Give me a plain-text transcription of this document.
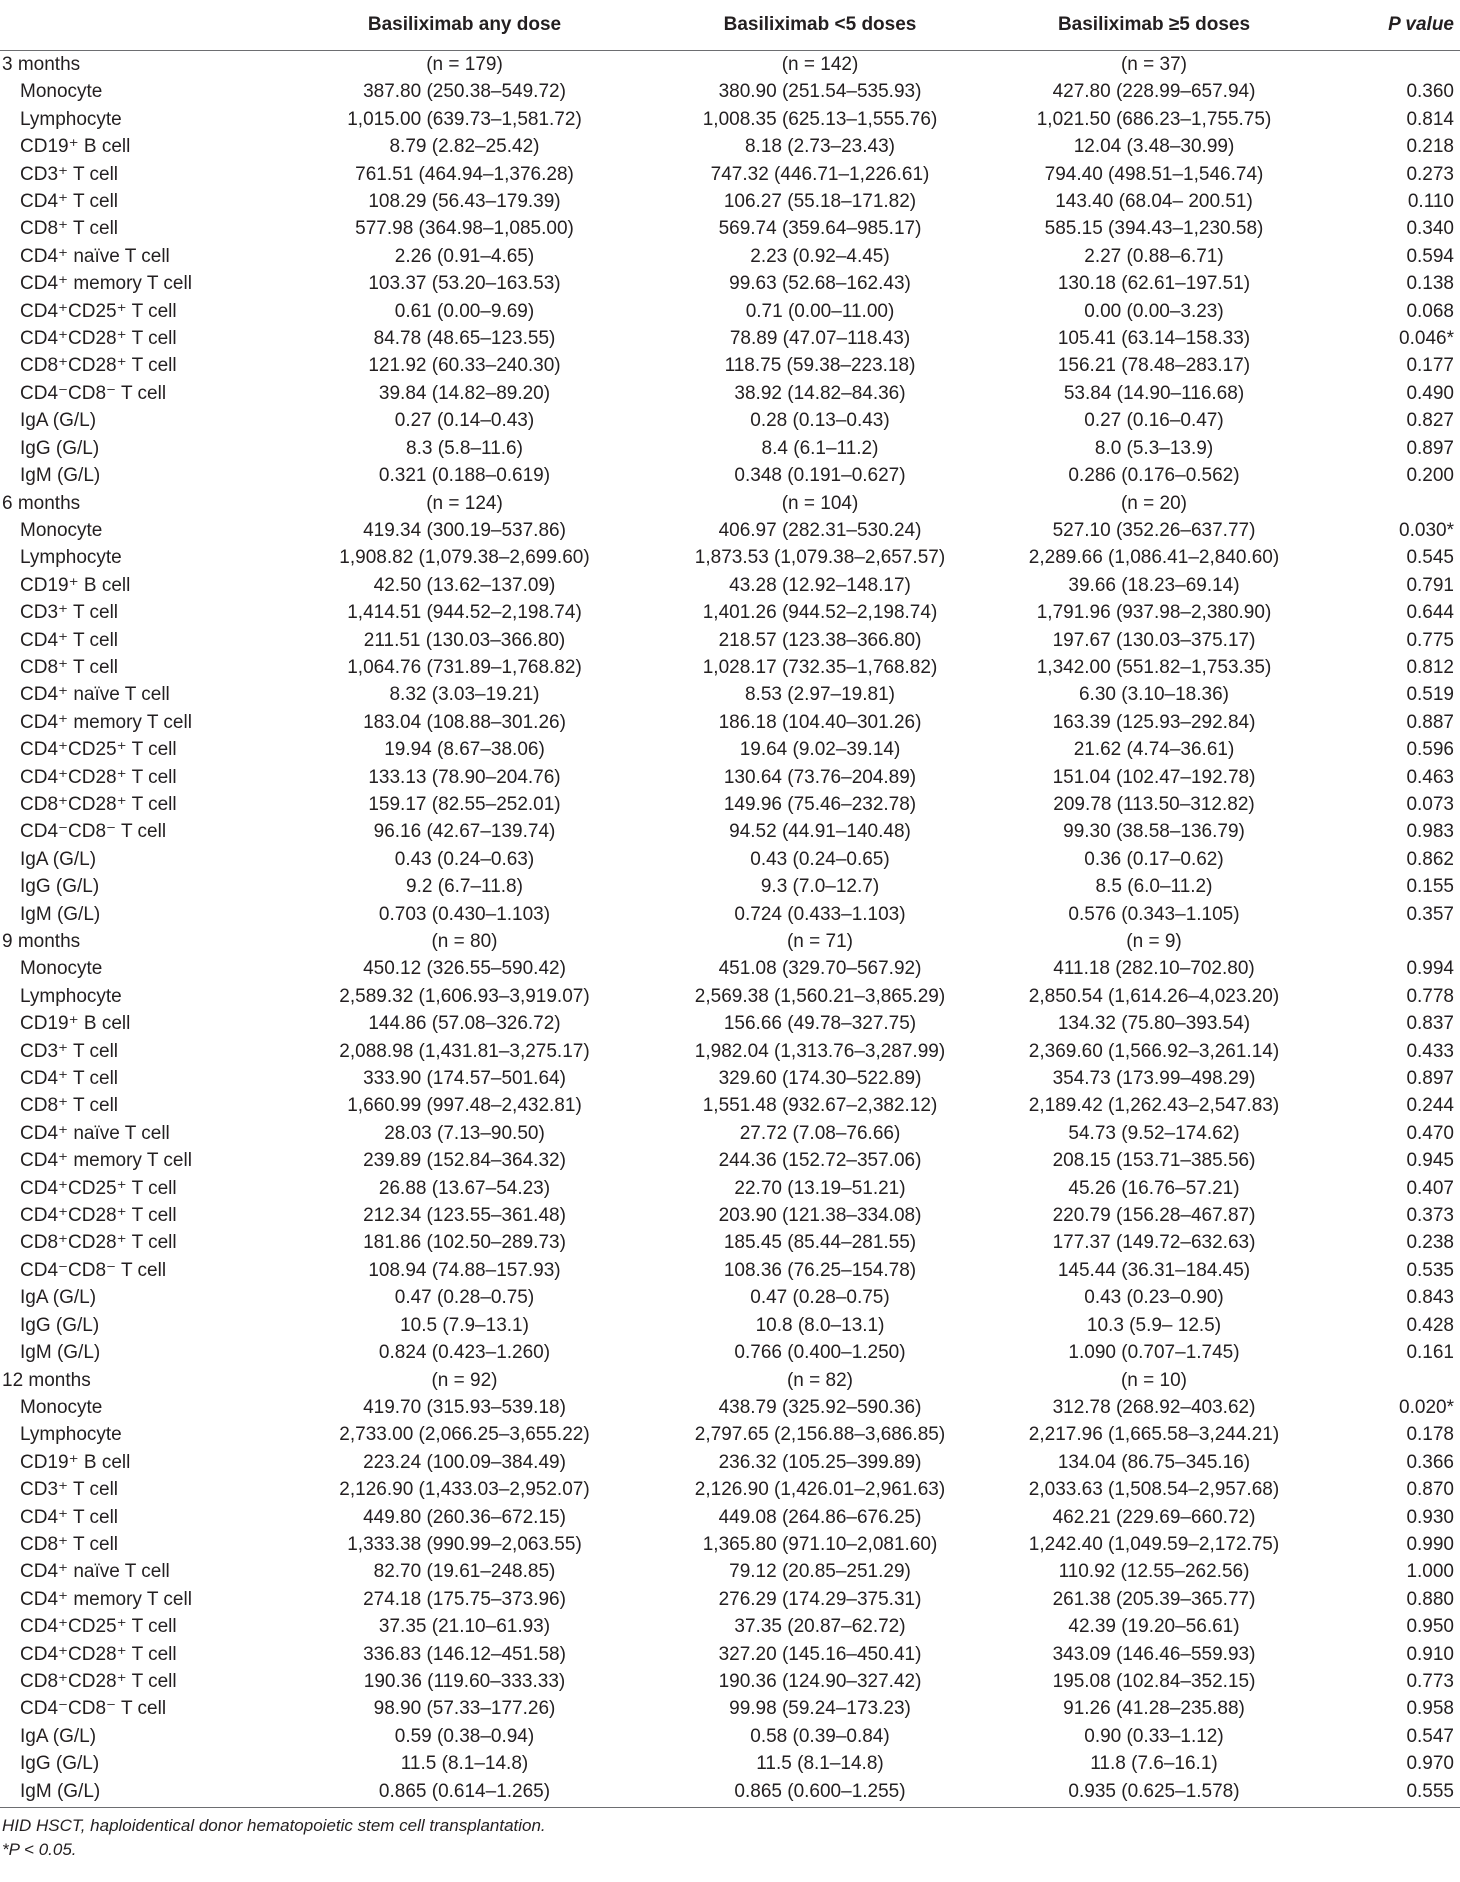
	Basiliximab any dose	Basiliximab <5 doses	Basiliximab ≥5 doses	P value
3 months	(n = 179)	(n = 142)	(n = 37)	
Monocyte	387.80 (250.38–549.72)	380.90 (251.54–535.93)	427.80 (228.99–657.94)	0.360
Lymphocyte	1,015.00 (639.73–1,581.72)	1,008.35 (625.13–1,555.76)	1,021.50 (686.23–1,755.75)	0.814
CD19⁺ B cell	8.79 (2.82–25.42)	8.18 (2.73–23.43)	12.04 (3.48–30.99)	0.218
CD3⁺ T cell	761.51 (464.94–1,376.28)	747.32 (446.71–1,226.61)	794.40 (498.51–1,546.74)	0.273
CD4⁺ T cell	108.29 (56.43–179.39)	106.27 (55.18–171.82)	143.40 (68.04– 200.51)	0.110
CD8⁺ T cell	577.98 (364.98–1,085.00)	569.74 (359.64–985.17)	585.15 (394.43–1,230.58)	0.340
CD4⁺ naïve T cell	2.26 (0.91–4.65)	2.23 (0.92–4.45)	2.27 (0.88–6.71)	0.594
CD4⁺ memory T cell	103.37 (53.20–163.53)	99.63 (52.68–162.43)	130.18 (62.61–197.51)	0.138
CD4⁺CD25⁺ T cell	0.61 (0.00–9.69)	0.71 (0.00–11.00)	0.00 (0.00–3.23)	0.068
CD4⁺CD28⁺ T cell	84.78 (48.65–123.55)	78.89 (47.07–118.43)	105.41 (63.14–158.33)	0.046*
CD8⁺CD28⁺ T cell	121.92 (60.33–240.30)	118.75 (59.38–223.18)	156.21 (78.48–283.17)	0.177
CD4⁻CD8⁻ T cell	39.84 (14.82–89.20)	38.92 (14.82–84.36)	53.84 (14.90–116.68)	0.490
IgA (G/L)	0.27 (0.14–0.43)	0.28 (0.13–0.43)	0.27 (0.16–0.47)	0.827
IgG (G/L)	8.3 (5.8–11.6)	8.4 (6.1–11.2)	8.0 (5.3–13.9)	0.897
IgM (G/L)	0.321 (0.188–0.619)	0.348 (0.191–0.627)	0.286 (0.176–0.562)	0.200
6 months	(n = 124)	(n = 104)	(n = 20)	
Monocyte	419.34 (300.19–537.86)	406.97 (282.31–530.24)	527.10 (352.26–637.77)	0.030*
Lymphocyte	1,908.82 (1,079.38–2,699.60)	1,873.53 (1,079.38–2,657.57)	2,289.66 (1,086.41–2,840.60)	0.545
CD19⁺ B cell	42.50 (13.62–137.09)	43.28 (12.92–148.17)	39.66 (18.23–69.14)	0.791
CD3⁺ T cell	1,414.51 (944.52–2,198.74)	1,401.26 (944.52–2,198.74)	1,791.96 (937.98–2,380.90)	0.644
CD4⁺ T cell	211.51 (130.03–366.80)	218.57 (123.38–366.80)	197.67 (130.03–375.17)	0.775
CD8⁺ T cell	1,064.76 (731.89–1,768.82)	1,028.17 (732.35–1,768.82)	1,342.00 (551.82–1,753.35)	0.812
CD4⁺ naïve T cell	8.32 (3.03–19.21)	8.53 (2.97–19.81)	6.30 (3.10–18.36)	0.519
CD4⁺ memory T cell	183.04 (108.88–301.26)	186.18 (104.40–301.26)	163.39 (125.93–292.84)	0.887
CD4⁺CD25⁺ T cell	19.94 (8.67–38.06)	19.64 (9.02–39.14)	21.62 (4.74–36.61)	0.596
CD4⁺CD28⁺ T cell	133.13 (78.90–204.76)	130.64 (73.76–204.89)	151.04 (102.47–192.78)	0.463
CD8⁺CD28⁺ T cell	159.17 (82.55–252.01)	149.96 (75.46–232.78)	209.78 (113.50–312.82)	0.073
CD4⁻CD8⁻ T cell	96.16 (42.67–139.74)	94.52 (44.91–140.48)	99.30 (38.58–136.79)	0.983
IgA (G/L)	0.43 (0.24–0.63)	0.43 (0.24–0.65)	0.36 (0.17–0.62)	0.862
IgG (G/L)	9.2 (6.7–11.8)	9.3 (7.0–12.7)	8.5 (6.0–11.2)	0.155
IgM (G/L)	0.703 (0.430–1.103)	0.724 (0.433–1.103)	0.576 (0.343–1.105)	0.357
9 months	(n = 80)	(n = 71)	(n = 9)	
Monocyte	450.12 (326.55–590.42)	451.08 (329.70–567.92)	411.18 (282.10–702.80)	0.994
Lymphocyte	2,589.32 (1,606.93–3,919.07)	2,569.38 (1,560.21–3,865.29)	2,850.54 (1,614.26–4,023.20)	0.778
CD19⁺ B cell	144.86 (57.08–326.72)	156.66 (49.78–327.75)	134.32 (75.80–393.54)	0.837
CD3⁺ T cell	2,088.98 (1,431.81–3,275.17)	1,982.04 (1,313.76–3,287.99)	2,369.60 (1,566.92–3,261.14)	0.433
CD4⁺ T cell	333.90 (174.57–501.64)	329.60 (174.30–522.89)	354.73 (173.99–498.29)	0.897
CD8⁺ T cell	1,660.99 (997.48–2,432.81)	1,551.48 (932.67–2,382.12)	2,189.42 (1,262.43–2,547.83)	0.244
CD4⁺ naïve T cell	28.03 (7.13–90.50)	27.72 (7.08–76.66)	54.73 (9.52–174.62)	0.470
CD4⁺ memory T cell	239.89 (152.84–364.32)	244.36 (152.72–357.06)	208.15 (153.71–385.56)	0.945
CD4⁺CD25⁺ T cell	26.88 (13.67–54.23)	22.70 (13.19–51.21)	45.26 (16.76–57.21)	0.407
CD4⁺CD28⁺ T cell	212.34 (123.55–361.48)	203.90 (121.38–334.08)	220.79 (156.28–467.87)	0.373
CD8⁺CD28⁺ T cell	181.86 (102.50–289.73)	185.45 (85.44–281.55)	177.37 (149.72–632.63)	0.238
CD4⁻CD8⁻ T cell	108.94 (74.88–157.93)	108.36 (76.25–154.78)	145.44 (36.31–184.45)	0.535
IgA (G/L)	0.47 (0.28–0.75)	0.47 (0.28–0.75)	0.43 (0.23–0.90)	0.843
IgG (G/L)	10.5 (7.9–13.1)	10.8 (8.0–13.1)	10.3 (5.9– 12.5)	0.428
IgM (G/L)	0.824 (0.423–1.260)	0.766 (0.400–1.250)	1.090 (0.707–1.745)	0.161
12 months	(n = 92)	(n = 82)	(n = 10)	
Monocyte	419.70 (315.93–539.18)	438.79 (325.92–590.36)	312.78 (268.92–403.62)	0.020*
Lymphocyte	2,733.00 (2,066.25–3,655.22)	2,797.65 (2,156.88–3,686.85)	2,217.96 (1,665.58–3,244.21)	0.178
CD19⁺ B cell	223.24 (100.09–384.49)	236.32 (105.25–399.89)	134.04 (86.75–345.16)	0.366
CD3⁺ T cell	2,126.90 (1,433.03–2,952.07)	2,126.90 (1,426.01–2,961.63)	2,033.63 (1,508.54–2,957.68)	0.870
CD4⁺ T cell	449.80 (260.36–672.15)	449.08 (264.86–676.25)	462.21 (229.69–660.72)	0.930
CD8⁺ T cell	1,333.38 (990.99–2,063.55)	1,365.80 (971.10–2,081.60)	1,242.40 (1,049.59–2,172.75)	0.990
CD4⁺ naïve T cell	82.70 (19.61–248.85)	79.12 (20.85–251.29)	110.92 (12.55–262.56)	1.000
CD4⁺ memory T cell	274.18 (175.75–373.96)	276.29 (174.29–375.31)	261.38 (205.39–365.77)	0.880
CD4⁺CD25⁺ T cell	37.35 (21.10–61.93)	37.35 (20.87–62.72)	42.39 (19.20–56.61)	0.950
CD4⁺CD28⁺ T cell	336.83 (146.12–451.58)	327.20 (145.16–450.41)	343.09 (146.46–559.93)	0.910
CD8⁺CD28⁺ T cell	190.36 (119.60–333.33)	190.36 (124.90–327.42)	195.08 (102.84–352.15)	0.773
CD4⁻CD8⁻ T cell	98.90 (57.33–177.26)	99.98 (59.24–173.23)	91.26 (41.28–235.88)	0.958
IgA (G/L)	0.59 (0.38–0.94)	0.58 (0.39–0.84)	0.90 (0.33–1.12)	0.547
IgG (G/L)	11.5 (8.1–14.8)	11.5 (8.1–14.8)	11.8 (7.6–16.1)	0.970
IgM (G/L)	0.865 (0.614–1.265)	0.865 (0.600–1.255)	0.935 (0.625–1.578)	0.555
HID HSCT, haploidentical donor hematopoietic stem cell transplantation.
*P < 0.05.
